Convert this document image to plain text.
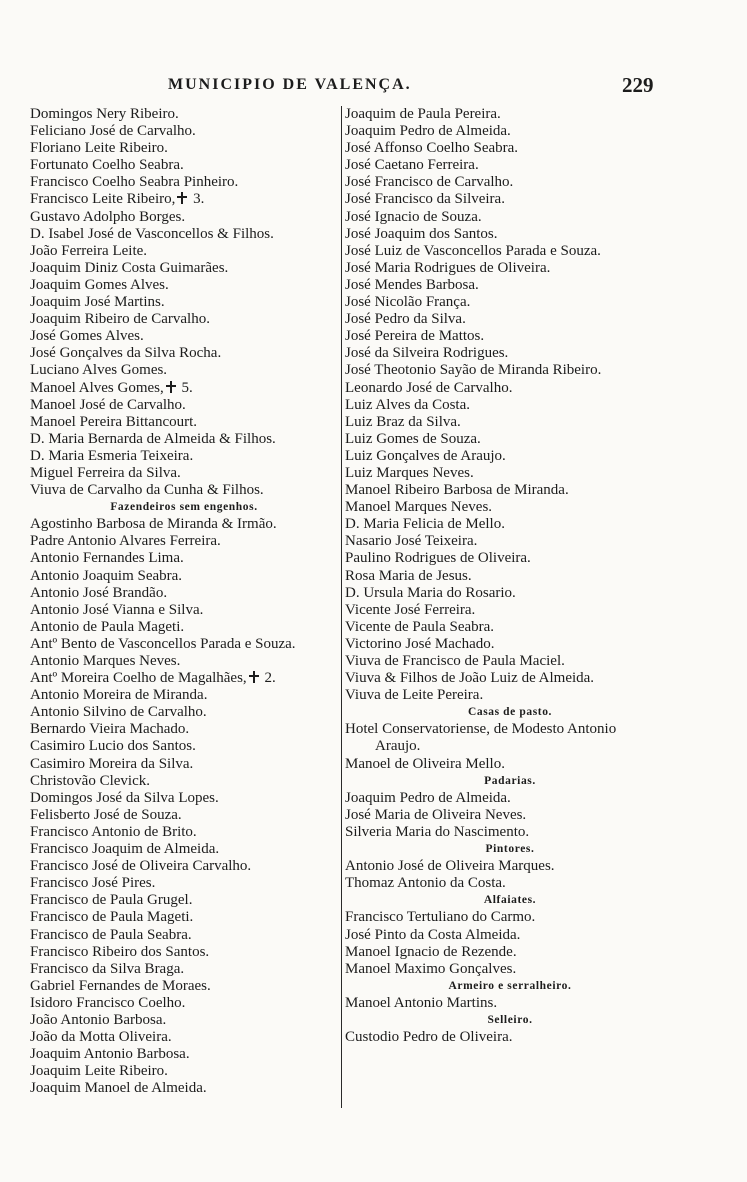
MUNICIPIO DE VALENÇA.	229
Domingos Nery Ribeiro.
Feliciano José de Carvalho.
Floriano Leite Ribeiro.
Fortunato Coelho Seabra.
Francisco Coelho Seabra Pinheiro.
Francisco Leite Ribeiro, 3.
Gustavo Adolpho Borges.
D. Isabel José de Vasconcellos & Filhos.
João Ferreira Leite.
Joaquim Diniz Costa Guimarães.
Joaquim Gomes Alves.
Joaquim José Martins.
Joaquim Ribeiro de Carvalho.
José Gomes Alves.
José Gonçalves da Silva Rocha.
Luciano Alves Gomes.
Manoel Alves Gomes, 5.
Manoel José de Carvalho.
Manoel Pereira Bittancourt.
D. Maria Bernarda de Almeida & Filhos.
D. Maria Esmeria Teixeira.
Miguel Ferreira da Silva.
Viuva de Carvalho da Cunha & Filhos.
Fazendeiros sem engenhos.
Agostinho Barbosa de Miranda & Irmão.
Padre Antonio Alvares Ferreira.
Antonio Fernandes Lima.
Antonio Joaquim Seabra.
Antonio José Brandão.
Antonio José Vianna e Silva.
Antonio de Paula Mageti.
Antº Bento de Vasconcellos Parada e Souza.
Antonio Marques Neves.
Antº Moreira Coelho de Magalhães, 2.
Antonio Moreira de Miranda.
Antonio Silvino de Carvalho.
Bernardo Vieira Machado.
Casimiro Lucio dos Santos.
Casimiro Moreira da Silva.
Christovão Clevick.
Domingos José da Silva Lopes.
Felisberto José de Souza.
Francisco Antonio de Brito.
Francisco Joaquim de Almeida.
Francisco José de Oliveira Carvalho.
Francisco José Pires.
Francisco de Paula Grugel.
Francisco de Paula Mageti.
Francisco de Paula Seabra.
Francisco Ribeiro dos Santos.
Francisco da Silva Braga.
Gabriel Fernandes de Moraes.
Isidoro Francisco Coelho.
João Antonio Barbosa.
João da Motta Oliveira.
Joaquim Antonio Barbosa.
Joaquim Leite Ribeiro.
Joaquim Manoel de Almeida.
Joaquim de Paula Pereira.
Joaquim Pedro de Almeida.
José Affonso Coelho Seabra.
José Caetano Ferreira.
José Francisco de Carvalho.
José Francisco da Silveira.
José Ignacio de Souza.
José Joaquim dos Santos.
José Luiz de Vasconcellos Parada e Souza.
José Maria Rodrigues de Oliveira.
José Mendes Barbosa.
José Nicolão França.
José Pedro da Silva.
José Pereira de Mattos.
José da Silveira Rodrigues.
José Theotonio Sayão de Miranda Ribeiro.
Leonardo José de Carvalho.
Luiz Alves da Costa.
Luiz Braz da Silva.
Luiz Gomes de Souza.
Luiz Gonçalves de Araujo.
Luiz Marques Neves.
Manoel Ribeiro Barbosa de Miranda.
Manoel Marques Neves.
D. Maria Felicia de Mello.
Nasario José Teixeira.
Paulino Rodrigues de Oliveira.
Rosa Maria de Jesus.
D. Ursula Maria do Rosario.
Vicente José Ferreira.
Vicente de Paula Seabra.
Victorino José Machado.
Viuva de Francisco de Paula Maciel.
Viuva & Filhos de João Luiz de Almeida.
Viuva de Leite Pereira.
Casas de pasto.
Hotel Conservatoriense, de Modesto Antonio
Araujo.
Manoel de Oliveira Mello.
Padarias.
Joaquim Pedro de Almeida.
José Maria de Oliveira Neves.
Silveria Maria do Nascimento.
Pintores.
Antonio José de Oliveira Marques.
Thomaz Antonio da Costa.
Alfaiates.
Francisco Tertuliano do Carmo.
José Pinto da Costa Almeida.
Manoel Ignacio de Rezende.
Manoel Maximo Gonçalves.
Armeiro e serralheiro.
Manoel Antonio Martins.
Selleiro.
Custodio Pedro de Oliveira.
